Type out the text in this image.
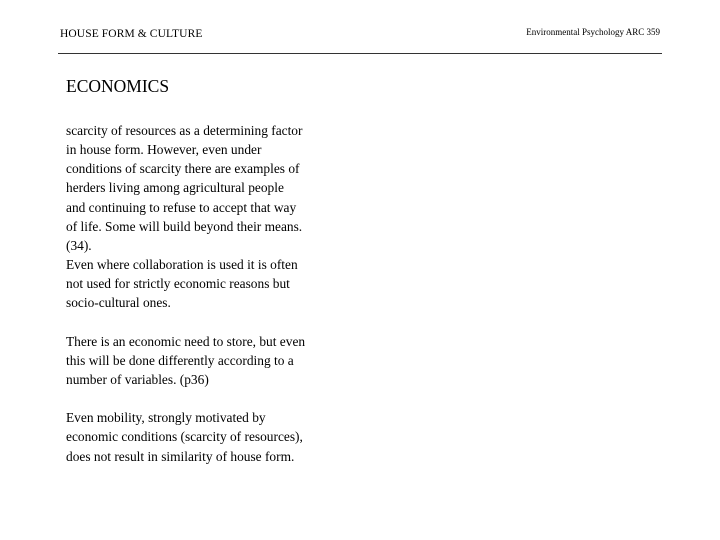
HOUSE FORM & CULTURE	Environmental Psychology ARC 359
ECONOMICS

scarcity of resources as a determining factor
in house form. However, even under
conditions of scarcity there are examples of
herders living among agricultural people
and continuing to refuse to accept that way
of life. Some will build beyond their means.
(34).
Even where collaboration is used it is often
not used for strictly economic reasons but
socio-cultural ones.

There is an economic need to store, but even
this will be done differently according to a
number of variables. (p36)

Even mobility, strongly motivated by
economic conditions (scarcity of resources),
does not result in similarity of house form.
